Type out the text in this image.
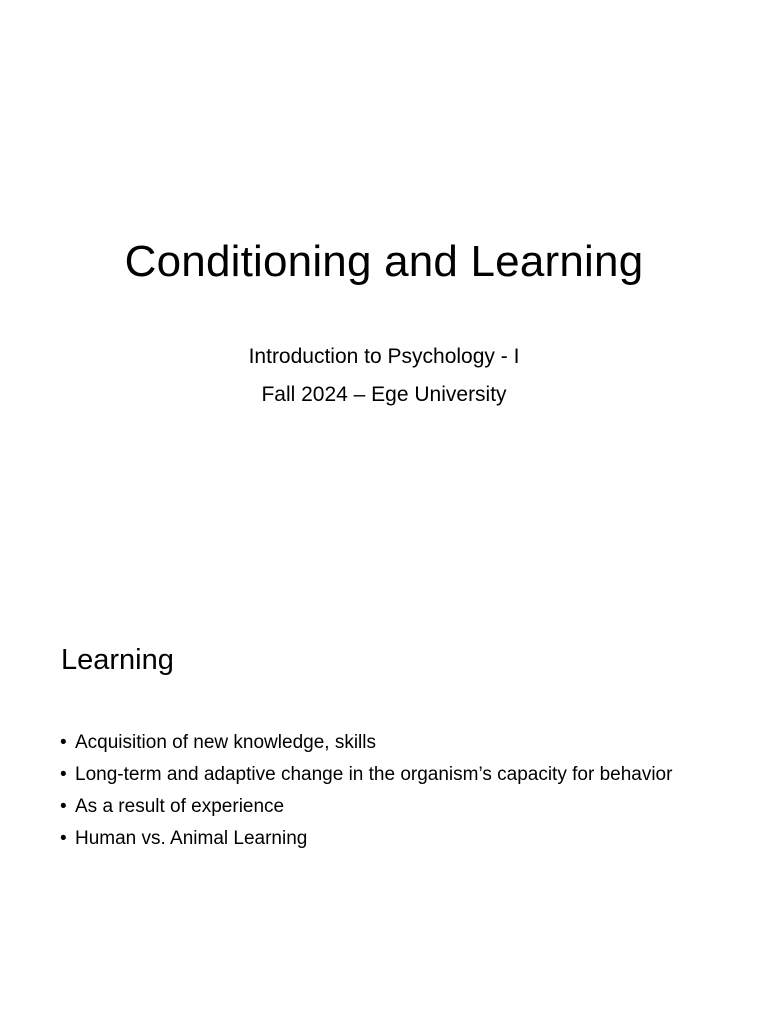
Conditioning and Learning
Introduction to Psychology - I
Fall 2024 – Ege University
Learning
• Acquisition of new knowledge, skills
• Long-term and adaptive change in the organism’s capacity for behavior
• As a result of experience
• Human vs. Animal Learning
